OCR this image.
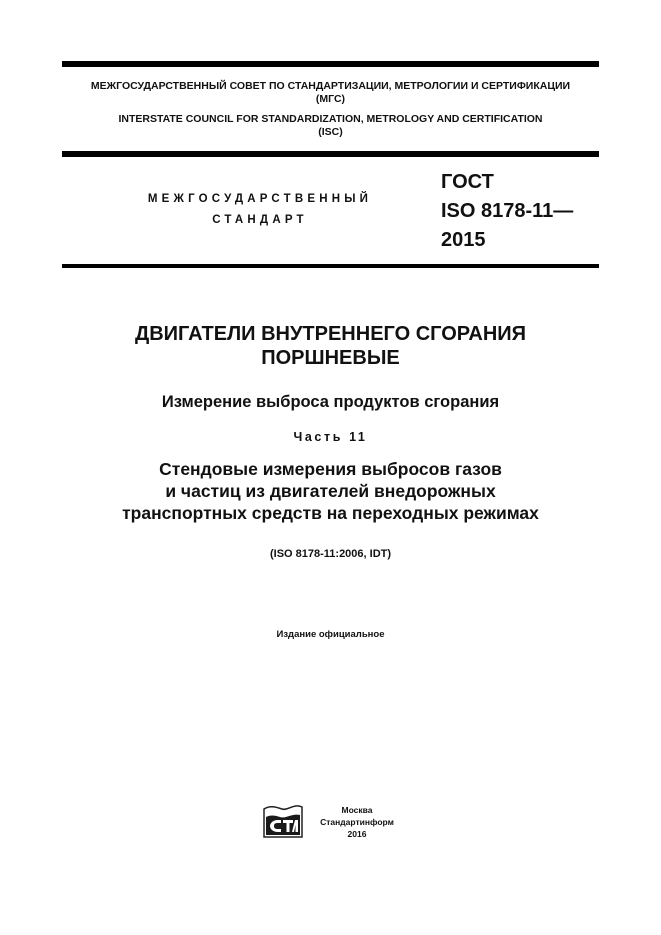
МЕЖГОСУДАРСТВЕННЫЙ СОВЕТ ПО СТАНДАРТИЗАЦИИ, МЕТРОЛОГИИ И СЕРТИФИКАЦИИ
(МГС)
INTERSTATE COUNCIL FOR STANDARDIZATION, METROLOGY AND CERTIFICATION
(ISC)
МЕЖГОСУДАРСТВЕННЫЙ
СТАНДАРТ
ГОСТ
ISO 8178-11—
2015
ДВИГАТЕЛИ ВНУТРЕННЕГО СГОРАНИЯ
ПОРШНЕВЫЕ
Измерение выброса продуктов сгорания
Часть 11
Стендовые измерения выбросов газов
и частиц из двигателей внедорожных
транспортных средств на переходных режимах
(ISO 8178-11:2006, IDT)
Издание официальное
Москва
Стандартинформ
2016
